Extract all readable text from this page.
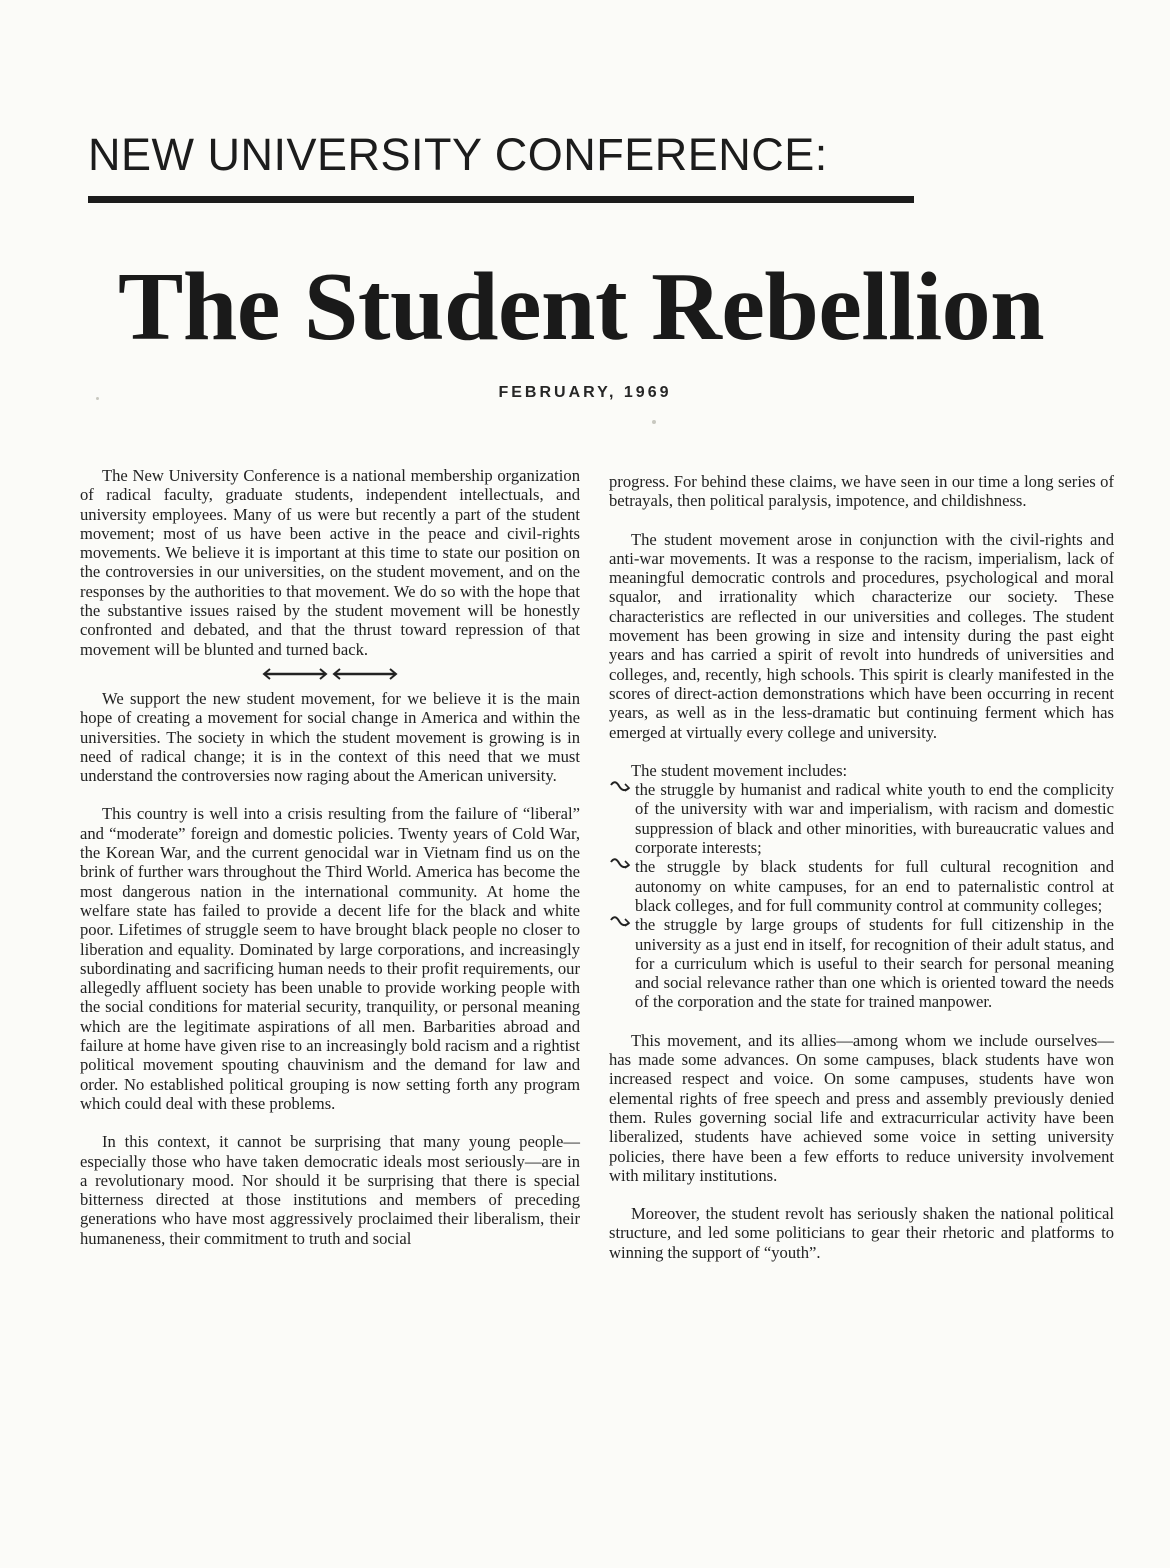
NEW UNIVERSITY CONFERENCE:
The Student Rebellion
FEBRUARY, 1969

The New University Conference is a national membership organization of radical faculty, graduate students, independent intellectuals, and university employees. Many of us were but recently a part of the student movement; most of us have been active in the peace and civil-rights movements. We believe it is important at this time to state our position on the controversies in our universities, on the student movement, and on the responses by the authorities to that movement. We do so with the hope that the substantive issues raised by the student movement will be honestly confronted and debated, and that the thrust toward repression of that movement will be blunted and turned back.

We support the new student movement, for we believe it is the main hope of creating a movement for social change in America and within the universities. The society in which the student movement is growing is in need of radical change; it is in the context of this need that we must understand the controversies now raging about the American university.

This country is well into a crisis resulting from the failure of “liberal” and “moderate” foreign and domestic policies. Twenty years of Cold War, the Korean War, and the current genocidal war in Vietnam find us on the brink of further wars throughout the Third World. America has become the most dangerous nation in the international community. At home the welfare state has failed to provide a decent life for the black and white poor. Lifetimes of struggle seem to have brought black people no closer to liberation and equality. Dominated by large corporations, and increasingly subordinating and sacrificing human needs to their profit requirements, our allegedly affluent society has been unable to provide working people with the social conditions for material security, tranquility, or personal meaning which are the legitimate aspirations of all men. Barbarities abroad and failure at home have given rise to an increasingly bold racism and a rightist political movement spouting chauvinism and the demand for law and order. No established political grouping is now setting forth any program which could deal with these problems.

In this context, it cannot be surprising that many young people—especially those who have taken democratic ideals most seriously—are in a revolutionary mood. Nor should it be surprising that there is special bitterness directed at those institutions and members of preceding generations who have most aggressively proclaimed their liberalism, their humaneness, their commitment to truth and social

progress. For behind these claims, we have seen in our time a long series of betrayals, then political paralysis, impotence, and childishness.

The student movement arose in conjunction with the civil-rights and anti-war movements. It was a response to the racism, imperialism, lack of meaningful democratic controls and procedures, psychological and moral squalor, and irrationality which characterize our society. These characteristics are reflected in our universities and colleges. The student movement has been growing in size and intensity during the past eight years and has carried a spirit of revolt into hundreds of universities and colleges, and, recently, high schools. This spirit is clearly manifested in the scores of direct-action demonstrations which have been occurring in recent years, as well as in the less-dramatic but continuing ferment which has emerged at virtually every college and university.

The student movement includes:

the struggle by humanist and radical white youth to end the complicity of the university with war and imperialism, with racism and domestic suppression of black and other minorities, with bureaucratic values and corporate interests;
the struggle by black students for full cultural recognition and autonomy on white campuses, for an end to paternalistic control at black colleges, and for full community control at community colleges;
the struggle by large groups of students for full citizenship in the university as a just end in itself, for recognition of their adult status, and for a curriculum which is useful to their search for personal meaning and social relevance rather than one which is oriented toward the needs of the corporation and the state for trained manpower.

This movement, and its allies—among whom we include ourselves—has made some advances. On some campuses, black students have won increased respect and voice. On some campuses, students have won elemental rights of free speech and press and assembly previously denied them. Rules governing social life and extracurricular activity have been liberalized, students have achieved some voice in setting university policies, there have been a few efforts to reduce university involvement with military institutions.

Moreover, the student revolt has seriously shaken the national political structure, and led some politicians to gear their rhetoric and platforms to winning the support of “youth”.
